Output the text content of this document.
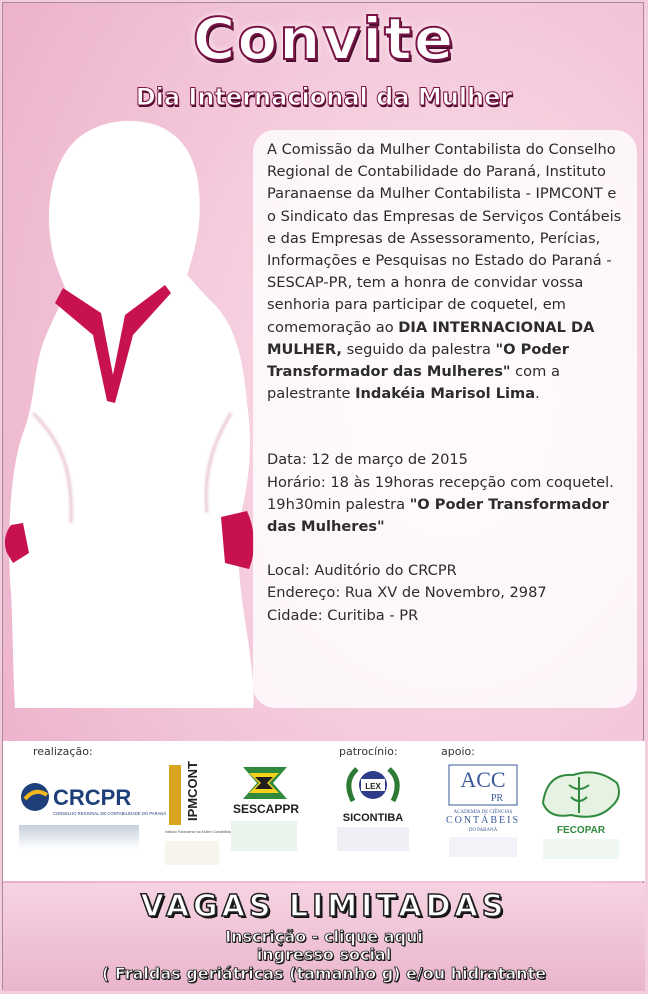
Convite
Dia Internacional da Mulher

A Comissão da Mulher Contabilista do Conselho Regional de Contabilidade do Paraná, Instituto Paranaense da Mulher Contabilista - IPMCONT e o Sindicato das Empresas de Serviços Contábeis e das Empresas de Assessoramento, Perícias, Informações e Pesquisas no Estado do Paraná - SESCAP-PR, tem a honra de convidar vossa senhoria para participar de coquetel, em comemoração ao DIA INTERNACIONAL DA MULHER, seguido da palestra "O Poder Transformador das Mulheres" com a palestrante Indakéia Marisol Lima.

Data: 12 de março de 2015

Horário: 18 às 19horas recepção com coquetel.

19h30min palestra "O Poder Transformador das Mulheres"

Local: Auditório do CRCPR

Endereço: Rua XV de Novembro, 2987

Cidade: Curitiba - PR

realização:	patrocínio:	apoio:
CRCPR
CONSELHO REGIONAL DE CONTABILIDADE DO PARANÁ IPMCONT
Instituto Paranaense da Mulher Contabilista
SESCAPPR
LEX
SICONTIBA
ACC
PR
ACADEMIA DE CIÊNCIAS
CONTÁBEIS
DO PARANÁ	FECOPAR
VAGAS LIMITADAS
Inscrição - clique aqui
ingresso social
( Fraldas geriátricas (tamanho g) e/ou hidratante
